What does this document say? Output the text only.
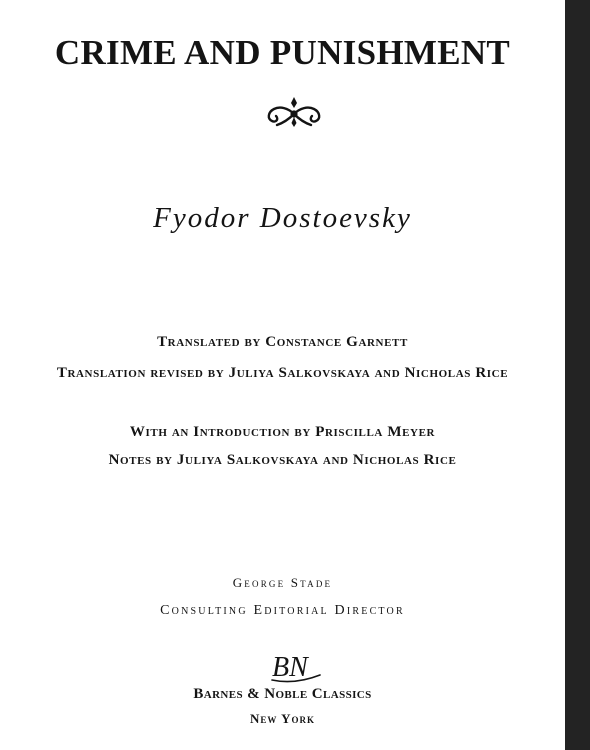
CRIME AND PUNISHMENT
Fyodor Dostoevsky
Translated by Constance Garnett
Translation revised by Juliya Salkovskaya and Nicholas Rice
With an Introduction by Priscilla Meyer
Notes by Juliya Salkovskaya and Nicholas Rice
George Stade
Consulting Editorial Director
BN
Barnes & Noble Classics
New York
